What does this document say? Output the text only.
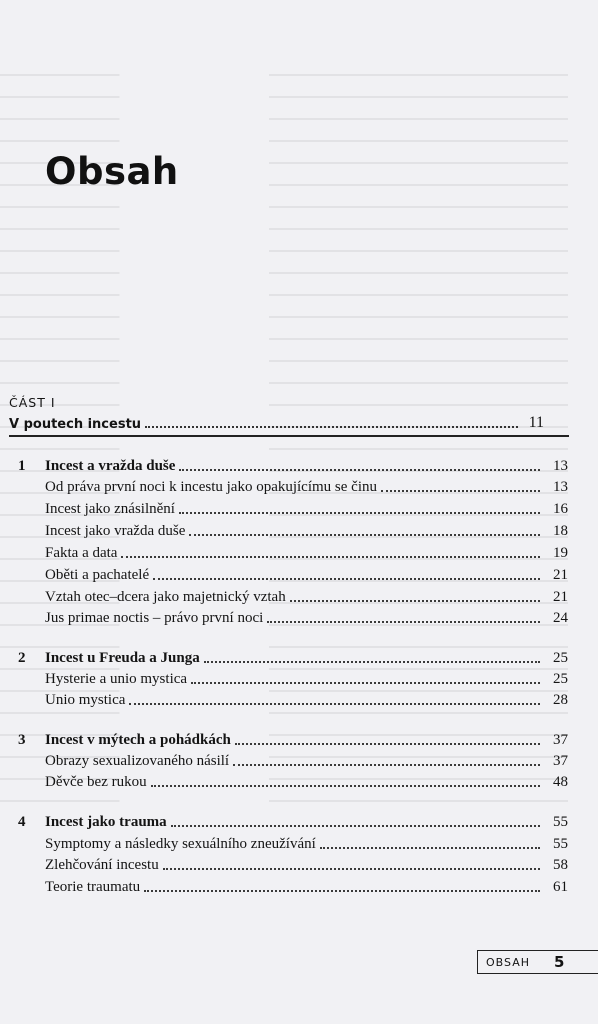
Obsah
ČÁST I
V poutech incestu	11
1	Incest a vražda duše	13
Od práva první noci k incestu jako opakujícímu se činu	13
Incest jako znásilnění	16
Incest jako vražda duše	18
Fakta a data	19
Oběti a pachatelé	21
Vztah otec–dcera jako majetnický vztah	21
Jus primae noctis – právo první noci	24
2	Incest u Freuda a Junga	25
Hysterie a unio mystica	25
Unio mystica	28
3	Incest v mýtech a pohádkách	37
Obrazy sexualizovaného násilí	37
Děvče bez rukou	48
4	Incest jako trauma	55
Symptomy a následky sexuálního zneužívání	55
Zlehčování incestu	58
Teorie traumatu	61
OBSAH 5
